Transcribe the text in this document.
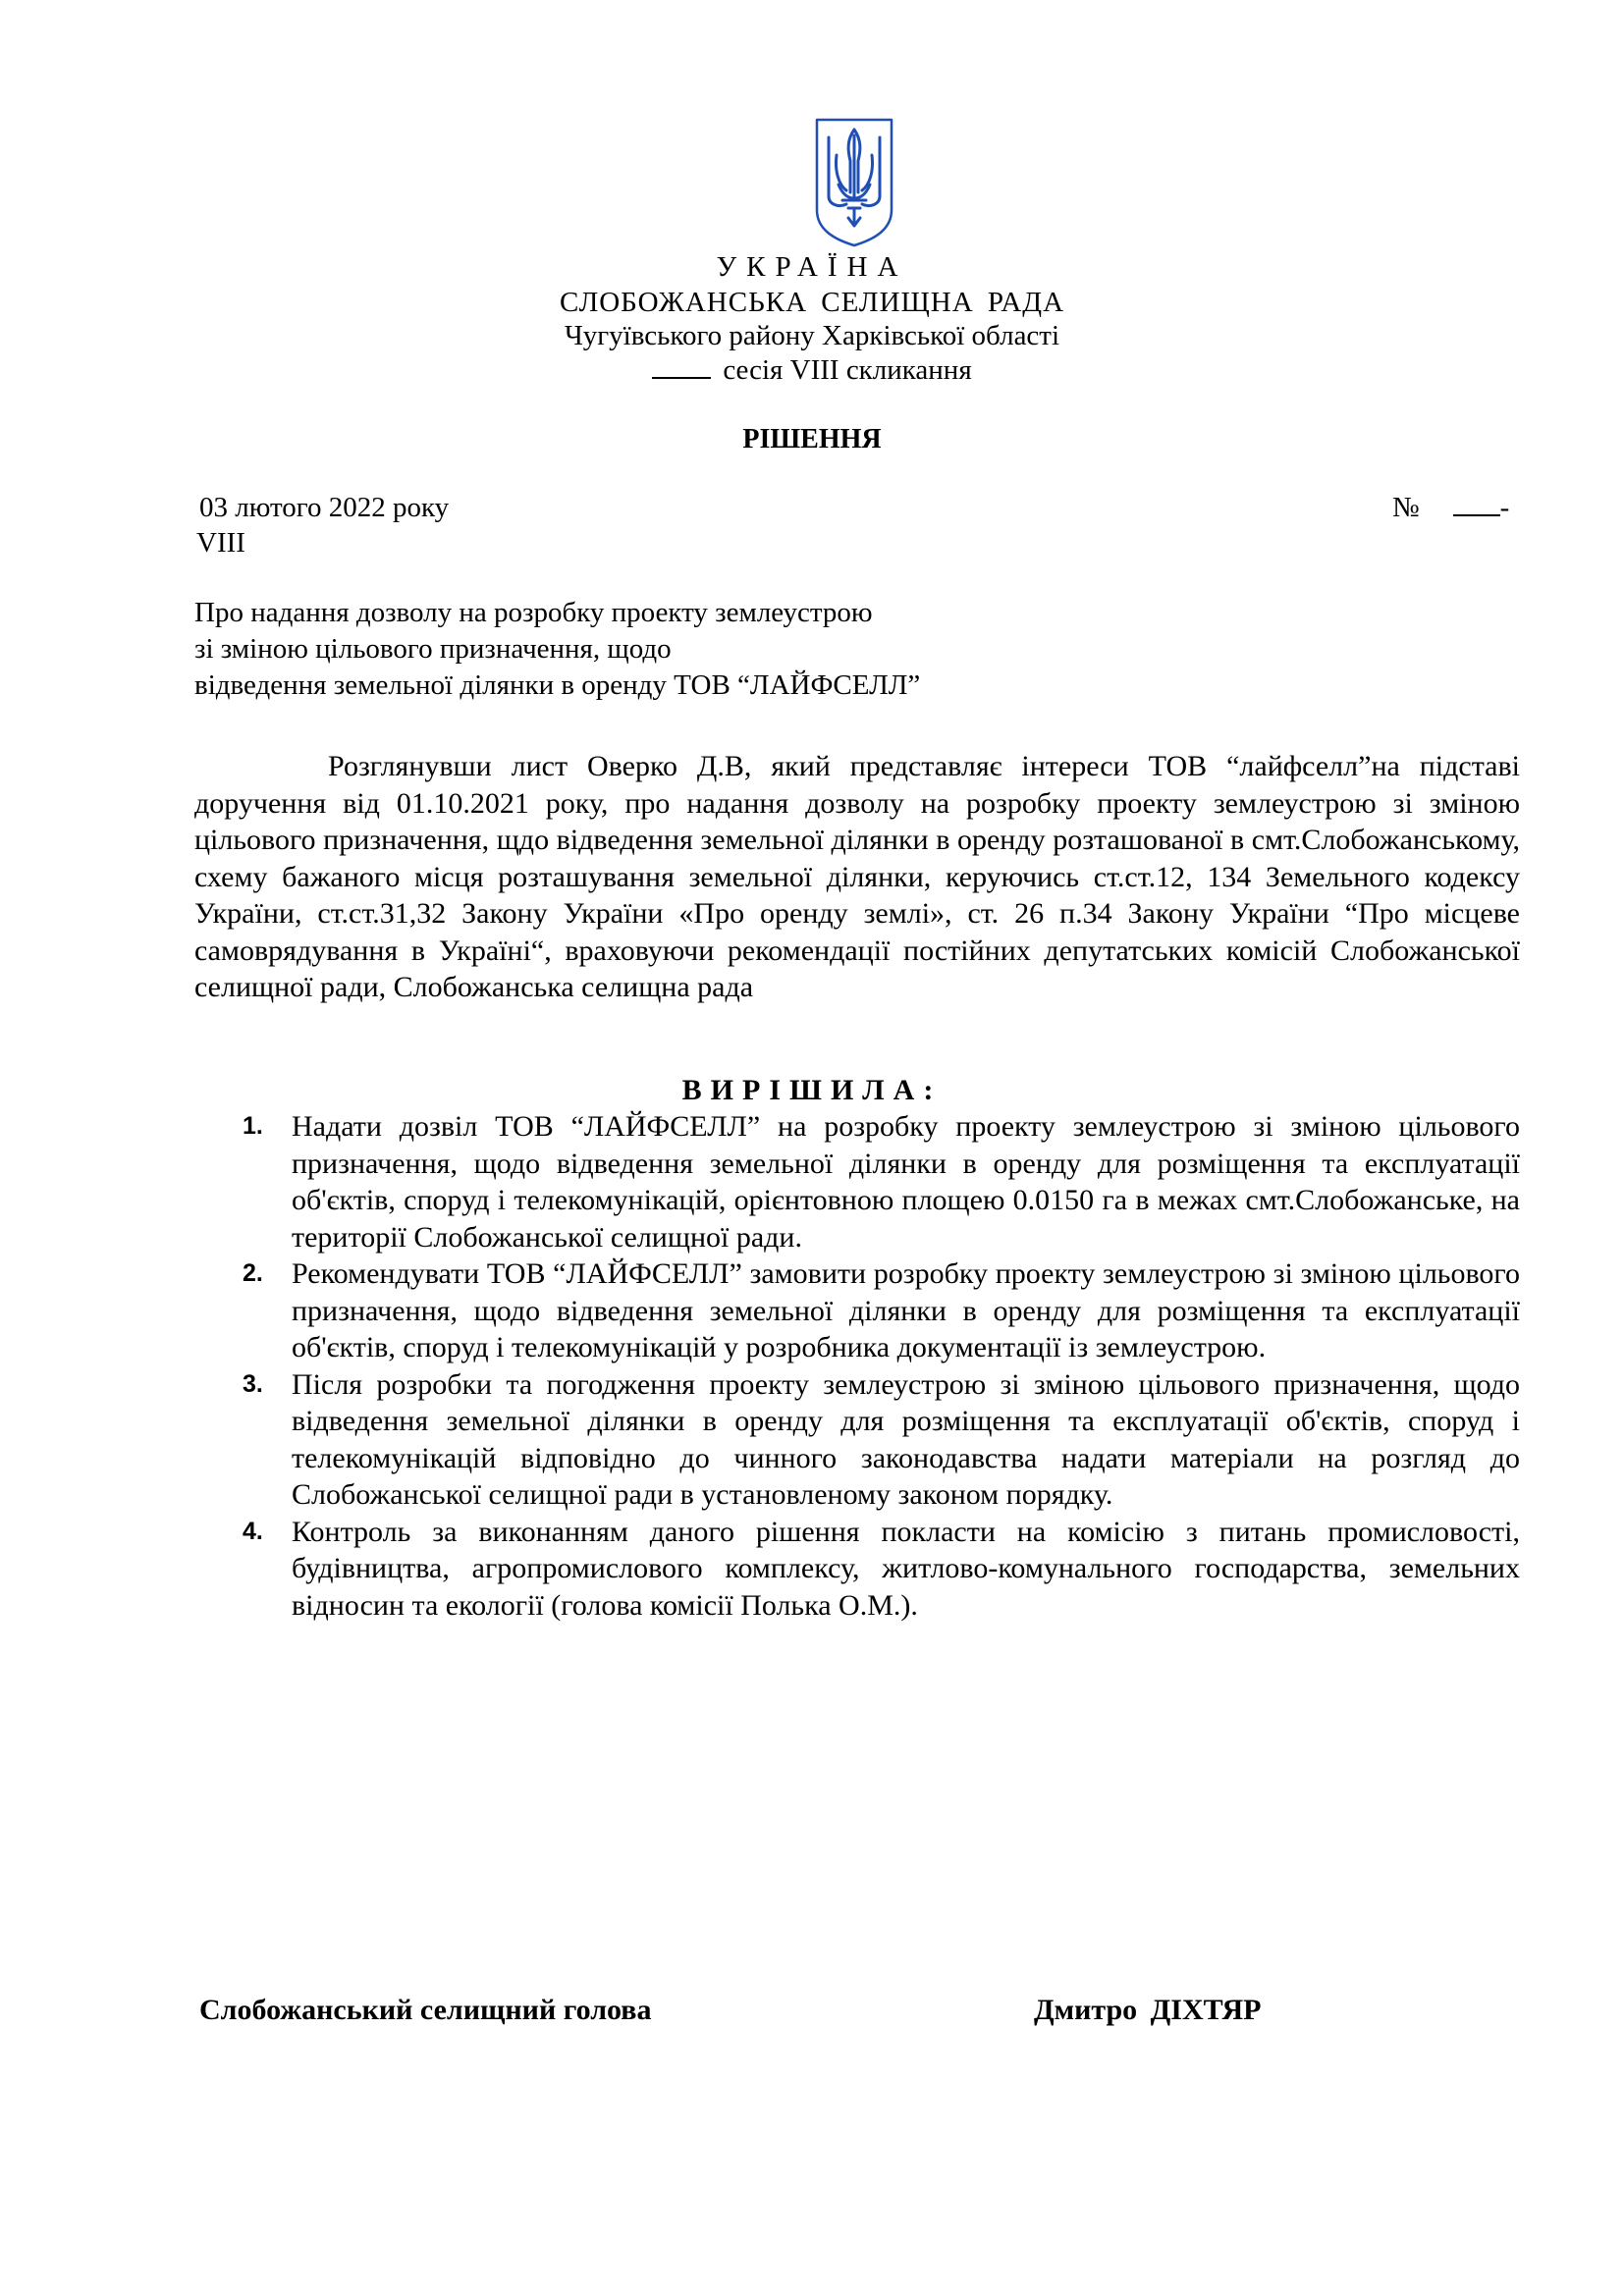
УКРАЇНА
СЛОБОЖАНСЬКА СЕЛИЩНА РАДА
Чугуївського району Харківської області
сесія VIII скликання
РІШЕННЯ
03 лютого 2022 року	№	-
VIII
Про надання дозволу на розробку проекту землеустрою
зі зміною цільового призначення, щодо
відведення земельної ділянки в оренду ТОВ “ЛАЙФСЕЛЛ”

Розглянувши лист Оверко Д.В, який представляє інтереси ТОВ “лайфселл”на підставі доручення від 01.10.2021 року, про надання дозволу на розробку проекту землеустрою зі зміною цільового призначення, щдо відведення земельної ділянки в оренду розташованої в смт.Слобожанському, схему бажаного місця розташування земельної ділянки, керуючись ст.ст.12, 134 Земельного кодексу України, ст.ст.31,32 Закону України «Про оренду землі», ст. 26 п.34 Закону України “Про місцеве самоврядування в Україні“, враховуючи рекомендації постійних депутатських комісій Слобожанської селищної ради, Слобожанська селищна рада

ВИРІШИЛА:
1. Надати дозвіл ТОВ “ЛАЙФСЕЛЛ” на розробку проекту землеустрою зі зміною цільового призначення, щодо відведення земельної ділянки в оренду для розміщення та експлуатації об'єктів, споруд і телекомунікацій, орієнтовною площею 0.0150 га в межах смт.Слобожанське, на території Слобожанської селищної ради.
2. Рекомендувати ТОВ “ЛАЙФСЕЛЛ” замовити розробку проекту землеустрою зі зміною цільового призначення, щодо відведення земельної ділянки в оренду для розміщення та експлуатації об'єктів, споруд і телекомунікацій у розробника документації із землеустрою.
3. Після розробки та погодження проекту землеустрою зі зміною цільового призначення, щодо відведення земельної ділянки в оренду для розміщення та експлуатації об'єктів, споруд і телекомунікацій відповідно до чинного законодавства надати матеріали на розгляд до Слобожанської селищної ради в установленому законом порядку.
4. Контроль за виконанням даного рішення покласти на комісію з питань промисловості, будівництва, агропромислового комплексу, житлово-комунального господарства, земельних відносин та екології (голова комісії Полька О.М.).
Слобожанський селищний голова	Дмитро ДІХТЯР
